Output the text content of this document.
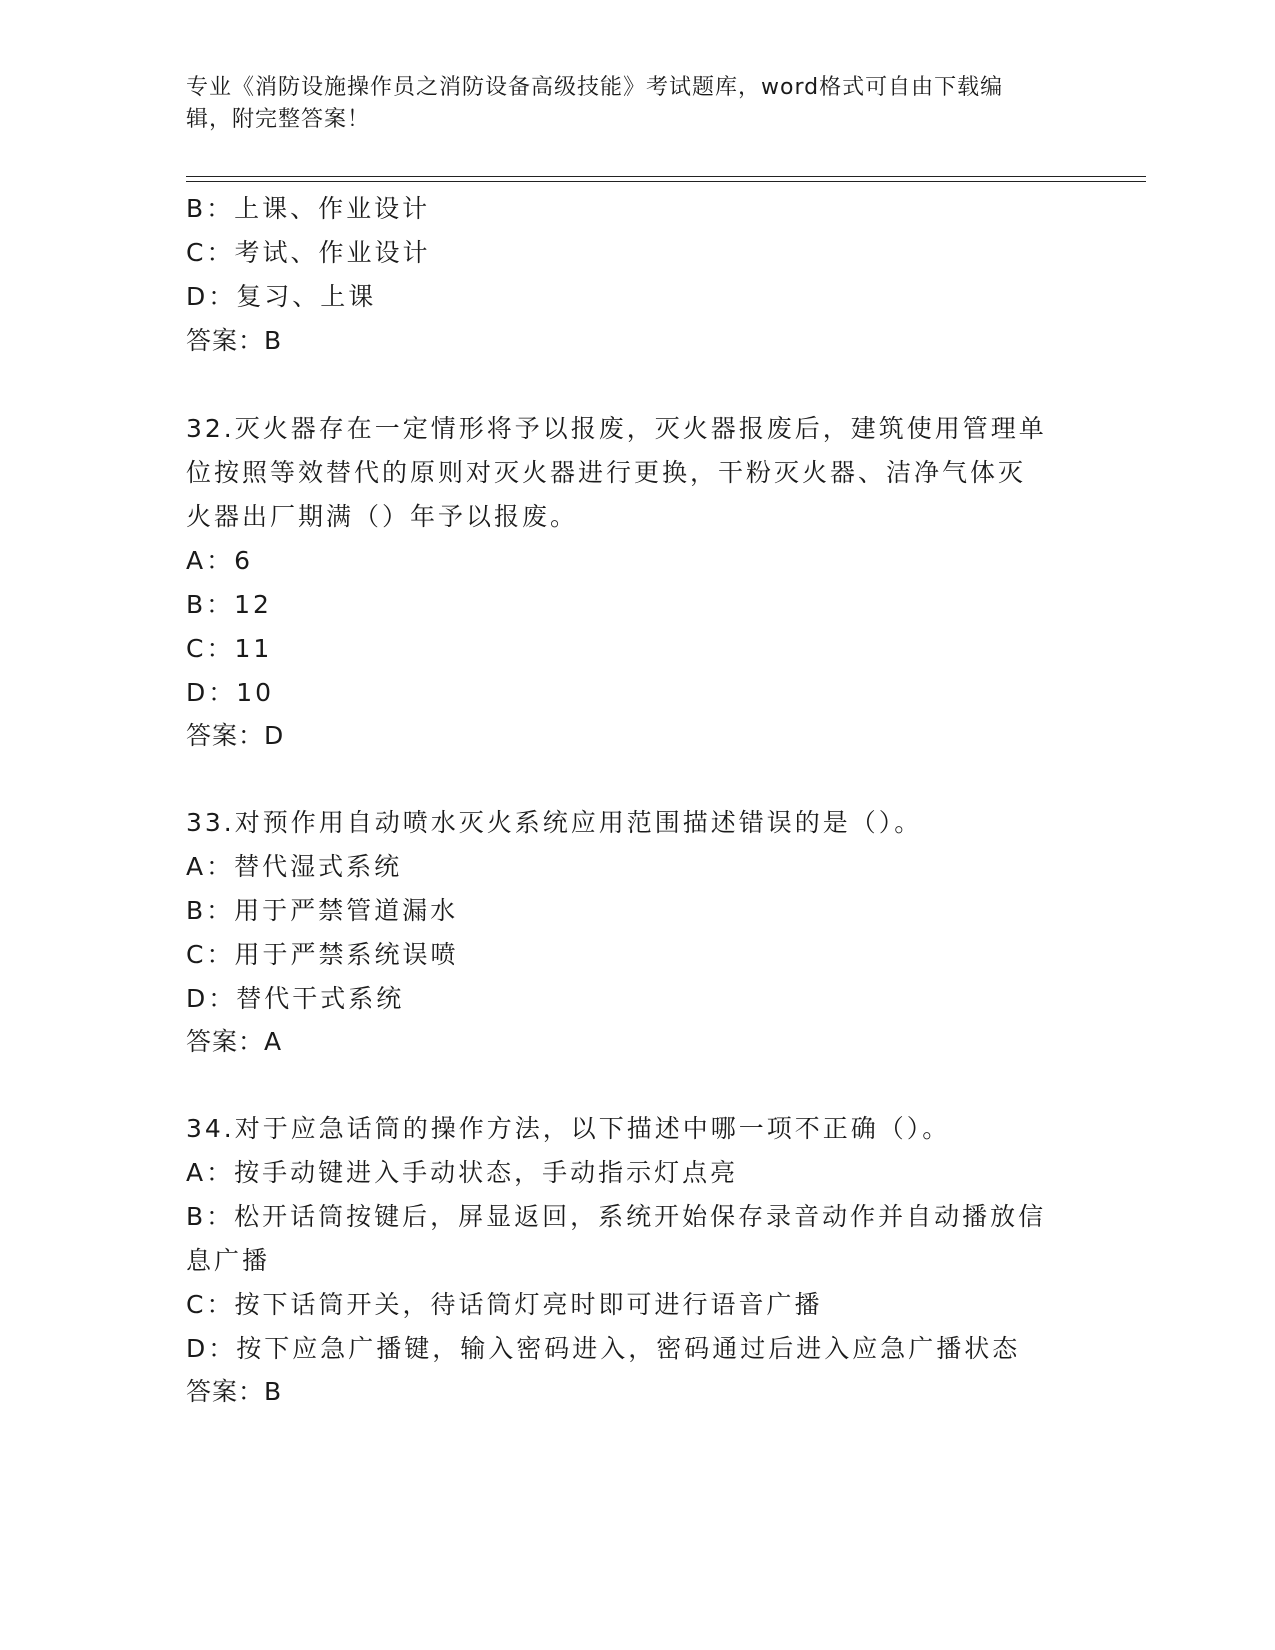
专业《消防设施操作员之消防设备高级技能》考试题库，word格式可自由下载编
辑，附完整答案！
B：上课、作业设计
C：考试、作业设计
D：复习、上课
答案：B
32.灭火器存在一定情形将予以报废，灭火器报废后，建筑使用管理单
位按照等效替代的原则对灭火器进行更换，干粉灭火器、洁净气体灭
火器出厂期满（）年予以报废。
A：6
B：12
C：11
D：10
答案：D
33.对预作用自动喷水灭火系统应用范围描述错误的是（）。
A：替代湿式系统
B：用于严禁管道漏水
C：用于严禁系统误喷
D：替代干式系统
答案：A
34.对于应急话筒的操作方法，以下描述中哪一项不正确（）。
A：按手动键进入手动状态，手动指示灯点亮
B：松开话筒按键后，屏显返回，系统开始保存录音动作并自动播放信
息广播
C：按下话筒开关，待话筒灯亮时即可进行语音广播
D：按下应急广播键，输入密码进入，密码通过后进入应急广播状态
答案：B
